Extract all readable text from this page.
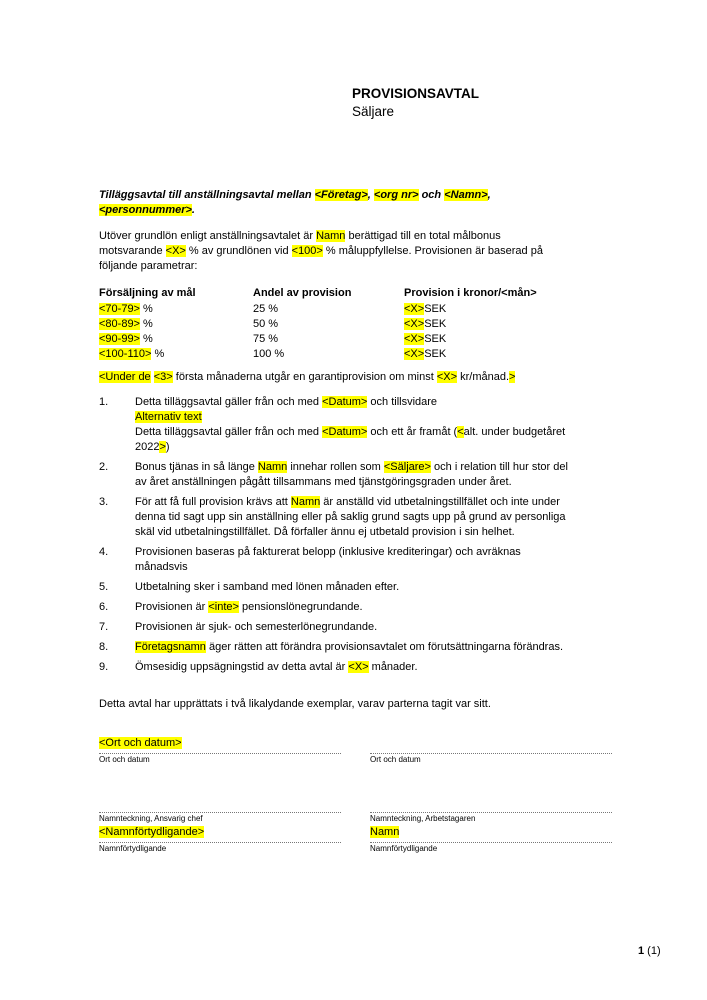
PROVISIONSAVTAL
Säljare
Tilläggsavtal till anställningsavtal mellan <Företag>, <org nr> och <Namn>,
<personnummer>.
Utöver grundlön enligt anställningsavtalet är Namn berättigad till en total målbonus
motsvarande <X> % av grundlönen vid <100> % måluppfyllelse. Provisionen är baserad på
följande parametrar:
Försäljning av mål	Andel av provision	Provision i kronor/<mån>
<70-79> %	25 %	<X>SEK
<80-89> %	50 %	<X>SEK
<90-99> %	75 %	<X>SEK
<100-110> %	100 %	<X>SEK
<Under de <3> första månaderna utgår en garantiprovision om minst <X> kr/månad.>
1.	Detta tilläggsavtal gäller från och med <Datum> och tillsvidare
Alternativ text
Detta tilläggsavtal gäller från och med <Datum> och ett år framåt (<alt. under budgetåret
2022>)
2.	Bonus tjänas in så länge Namn innehar rollen som <Säljare> och i relation till hur stor del
av året anställningen pågått tillsammans med tjänstgöringsgraden under året.
3.	För att få full provision krävs att Namn är anställd vid utbetalningstillfället och inte under
denna tid sagt upp sin anställning eller på saklig grund sagts upp på grund av personliga
skäl vid utbetalningstillfället. Då förfaller ännu ej utbetald provision i sin helhet.
4.	Provisionen baseras på fakturerat belopp (inklusive krediteringar) och avräknas
månadsvis
5.	Utbetalning sker i samband med lönen månaden efter.
6.	Provisionen är <inte> pensionslönegrundande.
7.	Provisionen är sjuk- och semesterlönegrundande.
8.	Företagsnamn äger rätten att förändra provisionsavtalet om förutsättningarna förändras.
9.	Ömsesidig uppsägningstid av detta avtal är <X> månader.
Detta avtal har upprättats i två likalydande exemplar, varav parterna tagit var sitt.
<Ort och datum>
Ort och datum	Ort och datum
Namnteckning, Ansvarig chef
<Namnförtydligande>
Namnförtydligande
Namnteckning, Arbetstagaren
Namn
Namnförtydligande
1 (1)
